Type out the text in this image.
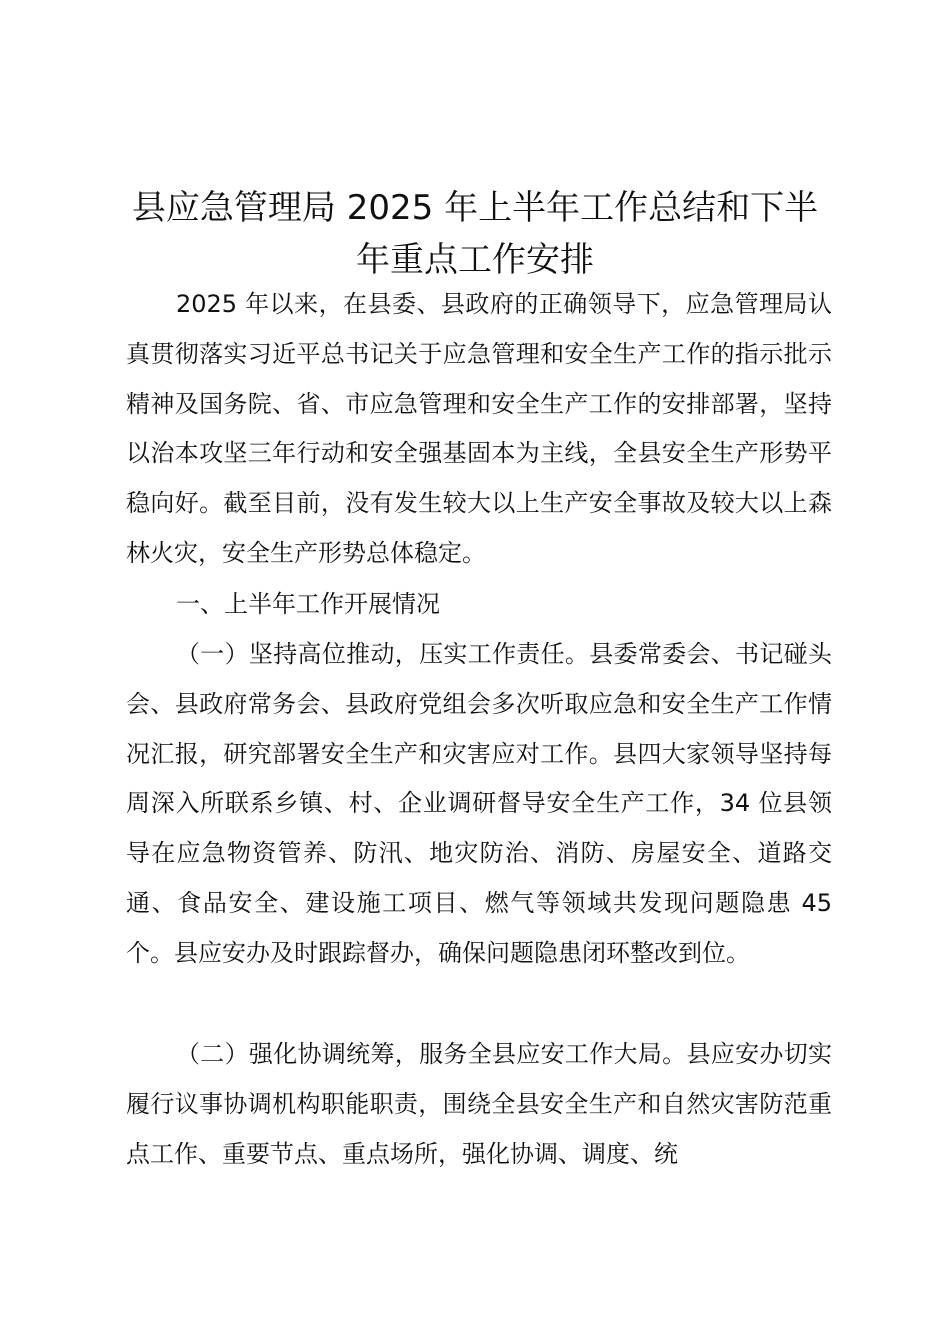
县应急管理局 2025 年上半年工作总结和下半
年重点工作安排

2025 年以来，在县委、县政府的正确领导下，应急管理局认真贯彻落实习近平总书记关于应急管理和安全生产工作的指示批示精神及国务院、省、市应急管理和安全生产工作的安排部署，坚持以治本攻坚三年行动和安全强基固本为主线，全县安全生产形势平稳向好。截至目前，没有发生较大以上生产安全事故及较大以上森林火灾，安全生产形势总体稳定。

一、上半年工作开展情况

（一）坚持高位推动，压实工作责任。县委常委会、书记碰头会、县政府常务会、县政府党组会多次听取应急和安全生产工作情况汇报，研究部署安全生产和灾害应对工作。县四大家领导坚持每周深入所联系乡镇、村、企业调研督导安全生产工作，34 位县领导在应急物资管养、防汛、地灾防治、消防、房屋安全、道路交通、食品安全、建设施工项目、燃气等领域共发现问题隐患 45 个。县应安办及时跟踪督办，确保问题隐患闭环整改到位。

（二）强化协调统筹，服务全县应安工作大局。县应安办切实履行议事协调机构职能职责，围绕全县安全生产和自然灾害防范重点工作、重要节点、重点场所，强化协调、调度、统
